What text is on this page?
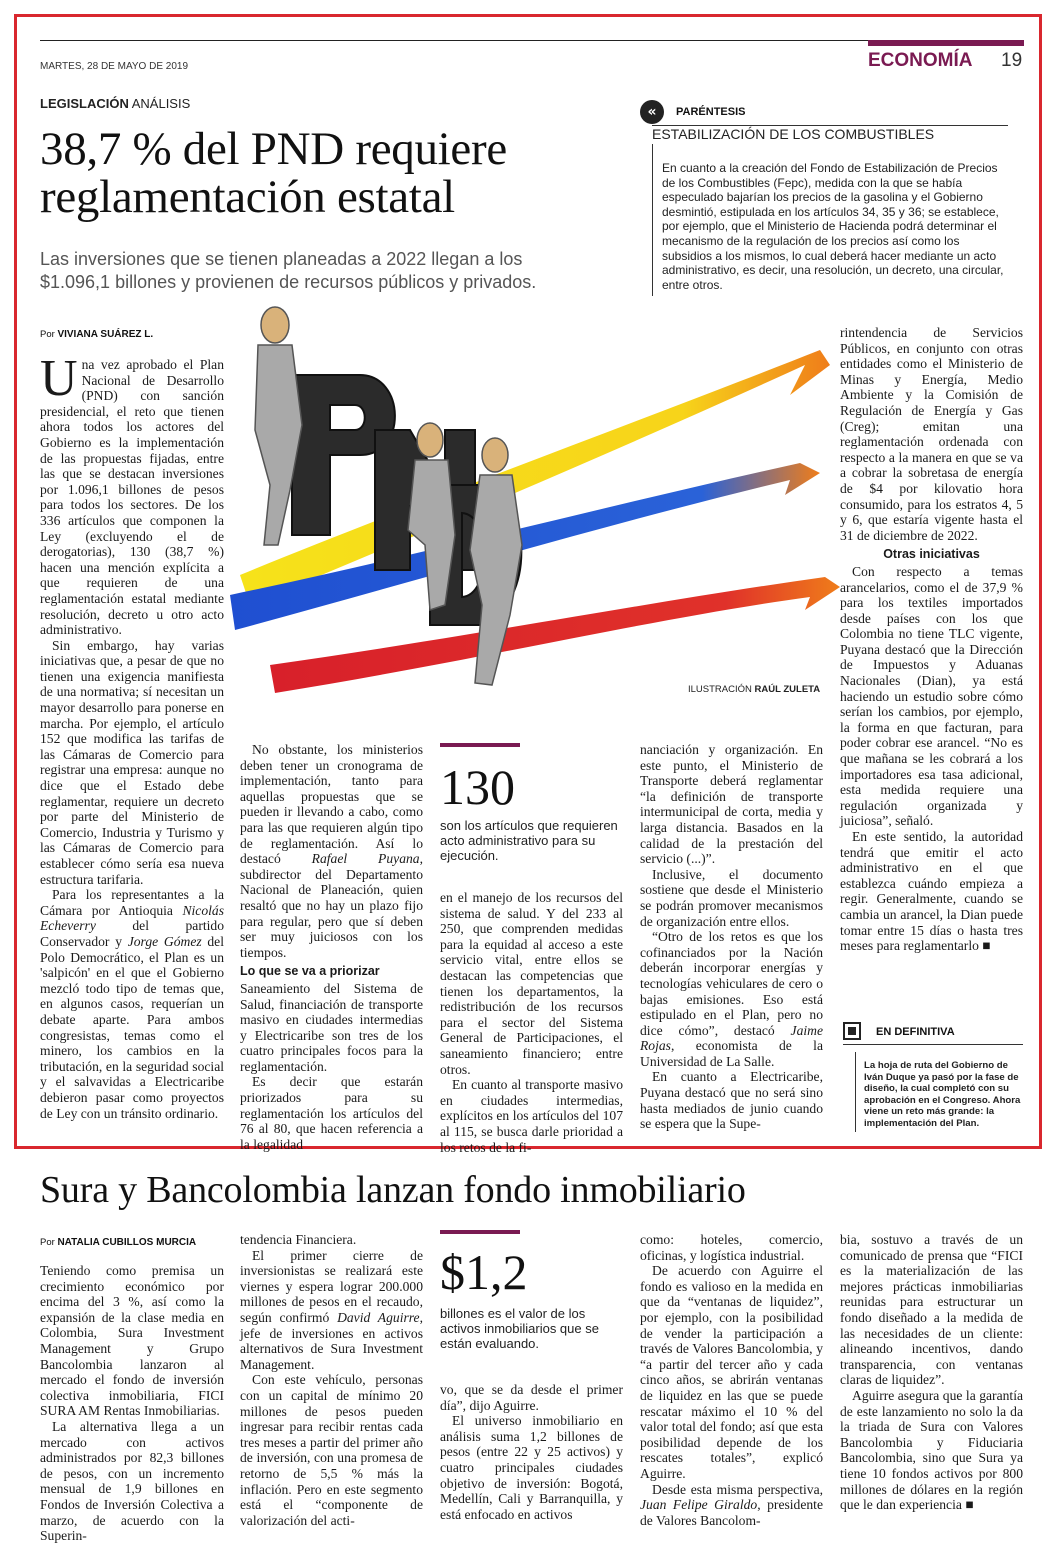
MARTES, 28 DE MAYO DE 2019	ECONOMÍA 19
LEGISLACIÓN ANÁLISIS
38,7 % del PND requiere
reglamentación estatal
Las inversiones que se tienen planeadas a 2022 llegan a los
$1.096,1 billones y provienen de recursos públicos y privados.
«	PARÉNTESIS
ESTABILIZACIÓN DE LOS COMBUSTIBLES
En cuanto a la creación del Fondo de Estabilización de Precios de los Combustibles (Fepc), medida con la que se había especulado bajarían los precios de la gasolina y el Gobierno desmintió, estipulada en los artículos 34, 35 y 36; se establece, por ejemplo, que el Ministerio de Hacienda podrá determinar el mecanismo de la regulación de los precios así como los subsidios a los mismos, lo cual deberá hacer mediante un acto administrativo, es decir, una resolución, un decreto, una circular, entre otros.
Por VIVIANA SUÁREZ L.	PND
ILUSTRACIÓN RAÚL ZULETA

Una vez aprobado el Plan Nacional de Desarrollo (PND) con sanción presidencial, el reto que tienen ahora todos los actores del Gobierno es la implementación de las propuestas fijadas, entre las que se destacan inversiones por 1.096,1 billones de pesos para todos los sectores. De los 336 artículos que componen la Ley (excluyendo el de derogatorias), 130 (38,7 %) hacen una mención explícita a que requieren de una reglamentación estatal mediante resolución, decreto u otro acto administrativo.

Sin embargo, hay varias iniciativas que, a pesar de que no tienen una exigencia manifiesta de una normativa; sí necesitan un mayor desarrollo para ponerse en marcha. Por ejemplo, el artículo 152 que modifica las tarifas de las Cámaras de Comercio para registrar una empresa: aunque no dice que el Estado debe reglamentar, requiere un decreto por parte del Ministerio de Comercio, Industria y Turismo y las Cámaras de Comercio para establecer cómo sería esa nueva estructura tarifaria.

Para los representantes a la Cámara por Antioquia Nicolás Echeverry del partido Conservador y Jorge Gómez del Polo Democrático, el Plan es un 'salpicón' en el que el Gobierno mezcló todo tipo de temas que, en algunos casos, requerían un debate aparte. Para ambos congresistas, temas como el minero, los cambios en la tributación, en la seguridad social y el salvavidas a Electricaribe debieron pasar como proyectos de Ley con un tránsito ordinario.

No obstante, los ministerios deben tener un cronograma de implementación, tanto para aquellas propuestas que se pueden ir llevando a cabo, como para las que requieren algún tipo de reglamentación. Así lo destacó Rafael Puyana, subdirector del Departamento Nacional de Planeación, quien resaltó que no hay un plazo fijo para regular, pero que sí deben ser muy juiciosos con los tiempos.

Lo que se va a priorizar

Saneamiento del Sistema de Salud, financiación de transporte masivo en ciudades intermedias y Electricaribe son tres de los cuatro principales focos para la reglamentación.

Es decir que estarán priorizados para su reglamentación los artículos del 76 al 80, que hacen referencia a la legalidad

130
son los artículos que requieren acto administrativo para su ejecución.

en el manejo de los recursos del sistema de salud. Y del 233 al 250, que comprenden medidas para la equidad al acceso a este servicio vital, entre ellos se destacan las competencias que tienen los departamentos, la redistribución de los recursos para el sector del Sistema General de Participaciones, el saneamiento financiero; entre otros.

En cuanto al transporte masivo en ciudades intermedias, explícitos en los artículos del 107 al 115, se busca darle prioridad a los retos de la fi-

nanciación y organización. En este punto, el Ministerio de Transporte deberá reglamentar “la definición de transporte intermunicipal de corta, media y larga distancia. Basados en la calidad de la prestación del servicio (...)”.

Inclusive, el documento sostiene que desde el Ministerio se podrán promover mecanismos de organización entre ellos.

“Otro de los retos es que los cofinanciados por la Nación deberán incorporar energías y tecnologías vehiculares de cero o bajas emisiones. Eso está estipulado en el Plan, pero no dice cómo”, destacó Jaime Rojas, economista de la Universidad de La Salle.

En cuanto a Electricaribe, Puyana destacó que no será sino hasta mediados de junio cuando se espera que la Supe-

rintendencia de Servicios Públicos, en conjunto con otras entidades como el Ministerio de Minas y Energía, Medio Ambiente y la Comisión de Regulación de Energía y Gas (Creg); emitan una reglamentación ordenada con respecto a la manera en que se va a cobrar la sobretasa de energía de $4 por kilovatio hora consumido, para los estratos 4, 5 y 6, que estaría vigente hasta el 31 de diciembre de 2022.

Otras iniciativas

Con respecto a temas arancelarios, como el de 37,9 % para los textiles importados desde países con los que Colombia no tiene TLC vigente, Puyana destacó que la Dirección de Impuestos y Aduanas Nacionales (Dian), ya está haciendo un estudio sobre cómo serían los cambios, por ejemplo, la forma en que facturan, para poder cobrar ese arancel. “No es que mañana se les cobrará a los importadores esa tasa adicional, esta medida requiere una regulación organizada y juiciosa”, señaló.

En este sentido, la autoridad tendrá que emitir el acto administrativo en el que establezca cuándo empieza a regir. Generalmente, cuando se cambia un arancel, la Dian puede tomar entre 15 días o hasta tres meses para reglamentarlo ■

EN DEFINITIVA
La hoja de ruta del Gobierno de Iván Duque ya pasó por la fase de diseño, la cual completó con su aprobación en el Congreso. Ahora viene un reto más grande: la implementación del Plan.
Sura y Bancolombia lanzan fondo inmobiliario
Por NATALIA CUBILLOS MURCIA

Teniendo como premisa un crecimiento económico por encima del 3 %, así como la expansión de la clase media en Colombia, Sura Investment Management y Grupo Bancolombia lanzaron al mercado el fondo de inversión colectiva inmobiliaria, FICI SURA AM Rentas Inmobiliarias.

La alternativa llega a un mercado con activos administrados por 82,3 billones de pesos, con un incremento mensual de 1,9 billones en Fondos de Inversión Colectiva a marzo, de acuerdo con la Superin-

tendencia Financiera.

El primer cierre de inversionistas se realizará este viernes y espera lograr 200.000 millones de pesos en el recaudo, según confirmó David Aguirre, jefe de inversiones en activos alternativos de Sura Investment Management.

Con este vehículo, personas con un capital de mínimo 20 millones de pesos pueden ingresar para recibir rentas cada tres meses a partir del primer año de inversión, con una promesa de retorno de 5,5 % más la inflación. Pero en este segmento está el “componente de valorización del acti-

$1,2
billones es el valor de los activos inmobiliarios que se están evaluando.

vo, que se da desde el primer día”, dijo Aguirre.

El universo inmobiliario en análisis suma 1,2 billones de pesos (entre 22 y 25 activos) y cuatro principales ciudades objetivo de inversión: Bogotá, Medellín, Cali y Barranquilla, y está enfocado en activos

como: hoteles, comercio, oficinas, y logística industrial.

De acuerdo con Aguirre el fondo es valioso en la medida en que da “ventanas de liquidez”, por ejemplo, con la posibilidad de vender la participación a través de Valores Bancolombia, y “a partir del tercer año y cada cinco años, se abrirán ventanas de liquidez en las que se puede rescatar máximo el 10 % del valor total del fondo; así que esta posibilidad depende de los rescates totales”, explicó Aguirre.

Desde esta misma perspectiva, Juan Felipe Giraldo, presidente de Valores Bancolom-

bia, sostuvo a través de un comunicado de prensa que “FICI es la materialización de las mejores prácticas inmobiliarias reunidas para estructurar un fondo diseñado a la medida de las necesidades de un cliente: alineando incentivos, dando transparencia, con ventanas claras de liquidez”.

Aguirre asegura que la garantía de este lanzamiento no solo la da la triada de Sura con Valores Bancolombia y Fiduciaria Bancolombia, sino que Sura ya tiene 10 fondos activos por 800 millones de dólares en la región que le dan experiencia ■
